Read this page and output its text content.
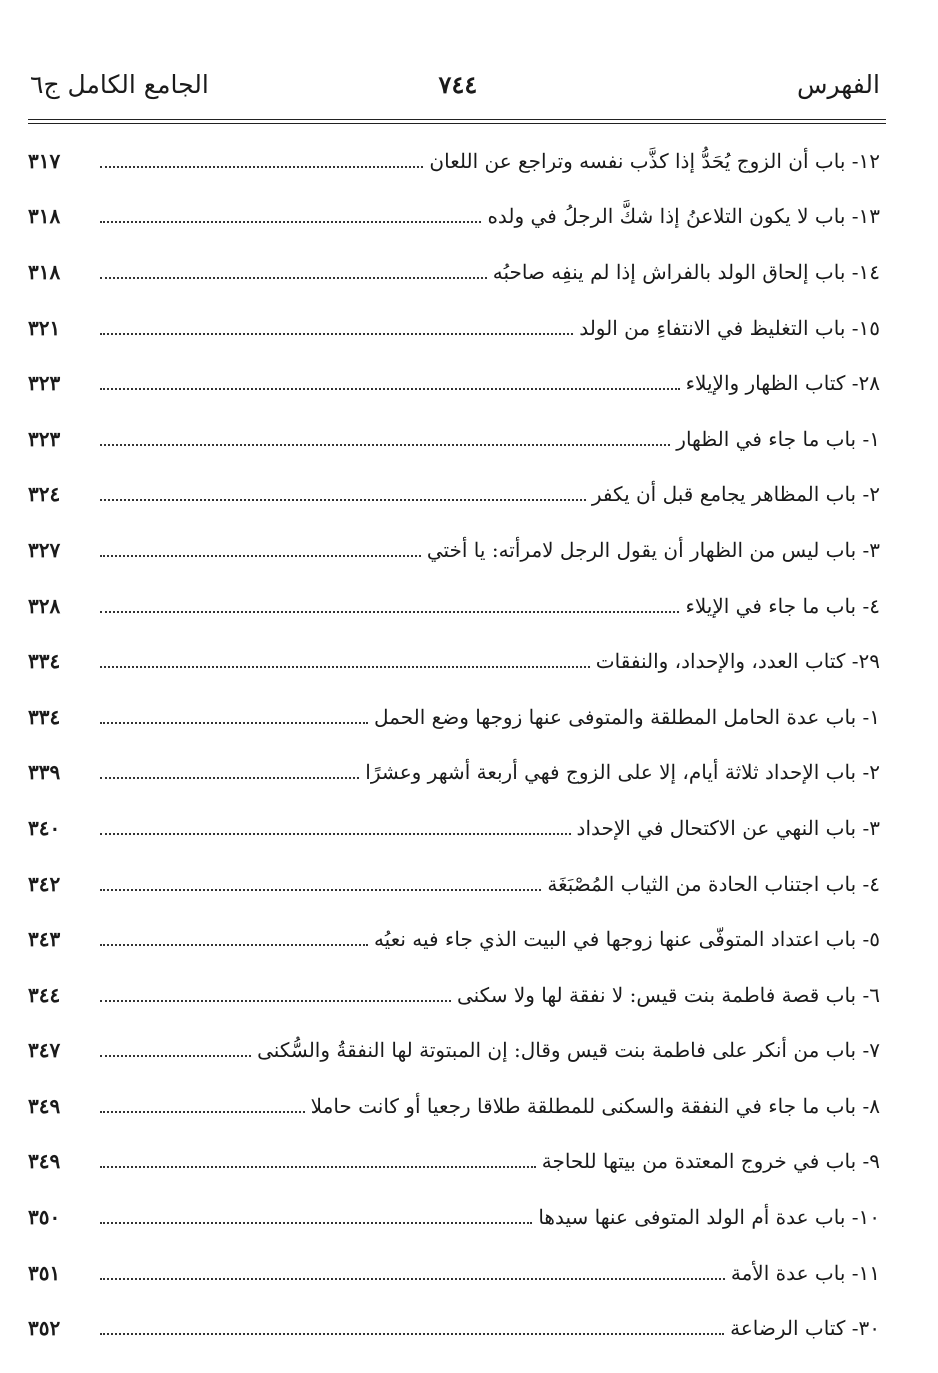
الفهرس
٧٤٤
الجامع الكامل ج٦
١٢- باب أن الزوج يُحَدُّ إذا كذَّب نفسه وتراجع عن اللعان
٣١٧
١٣- باب لا يكون التلاعنُ إذا شكَّ الرجلُ في ولده
٣١٨
١٤- باب إلحاق الولد بالفراش إذا لم ينفِه صاحبُه
٣١٨
١٥- باب التغليظ في الانتفاءِ من الولد
٣٢١
٢٨- كتاب الظهار والإيلاء
٣٢٣
١- باب ما جاء في الظهار
٣٢٣
٢- باب المظاهر يجامع قبل أن يكفر
٣٢٤
٣- باب ليس من الظهار أن يقول الرجل لامرأته: يا أختي
٣٢٧
٤- باب ما جاء في الإيلاء
٣٢٨
٢٩- كتاب العدد، والإحداد، والنفقات
٣٣٤
١- باب عدة الحامل المطلقة والمتوفى عنها زوجها وضع الحمل
٣٣٤
٢- باب الإحداد ثلاثة أيام، إلا على الزوج فهي أربعة أشهر وعشرًا
٣٣٩
٣- باب النهي عن الاكتحال في الإحداد
٣٤٠
٤- باب اجتناب الحادة من الثياب المُصْبَغَة
٣٤٢
٥- باب اعتداد المتوفّى عنها زوجها في البيت الذي جاء فيه نعيُه
٣٤٣
٦- باب قصة فاطمة بنت قيس: لا نفقة لها ولا سكنى
٣٤٤
٧- باب من أنكر على فاطمة بنت قيس وقال: إن المبتوتة لها النفقةُ والسُّكنى
٣٤٧
٨- باب ما جاء في النفقة والسكنى للمطلقة طلاقا رجعيا أو كانت حاملا
٣٤٩
٩- باب في خروج المعتدة من بيتها للحاجة
٣٤٩
١٠- باب عدة أم الولد المتوفى عنها سيدها
٣٥٠
١١- باب عدة الأمة
٣٥١
٣٠- كتاب الرضاعة
٣٥٢
